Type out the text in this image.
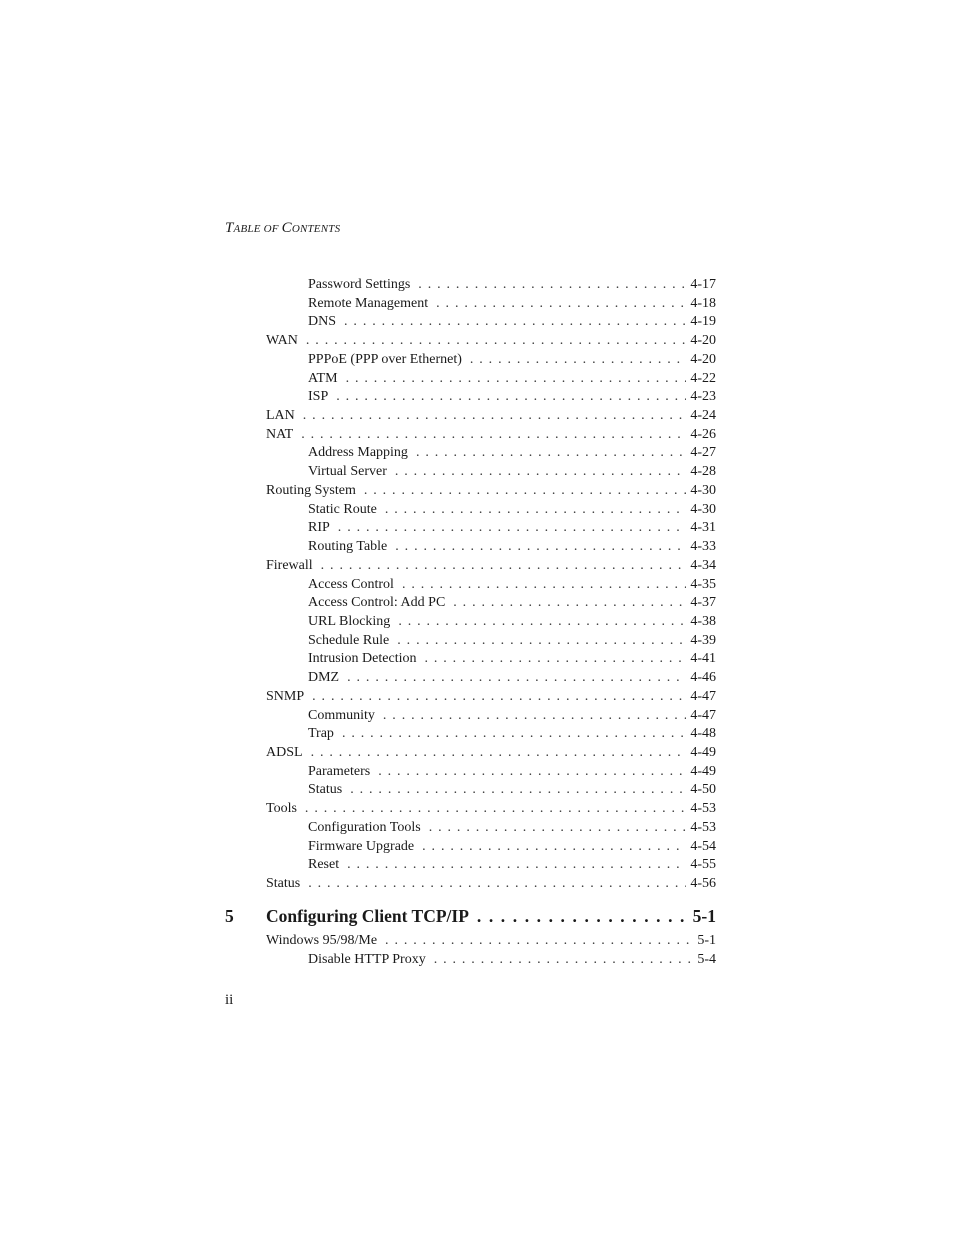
TABLE OF CONTENTS
Password Settings . . .	4-17
Remote Management . . .	4-18
DNS . . .	4-19
WAN . . .	4-20
PPPoE (PPP over Ethernet) . . .	4-20
ATM . . .	4-22
ISP . . .	4-23
LAN . . .	4-24
NAT . . .	4-26
Address Mapping . . .	4-27
Virtual Server . . .	4-28
Routing System . . .	4-30
Static Route . . .	4-30
RIP . . .	4-31
Routing Table . . .	4-33
Firewall . . .	4-34
Access Control . . .	4-35
Access Control: Add PC . . .	4-37
URL Blocking . . .	4-38
Schedule Rule . . .	4-39
Intrusion Detection . . .	4-41
DMZ . . .	4-46
SNMP . . .	4-47
Community . . .	4-47
Trap . . .	4-48
ADSL . . .	4-49
Parameters . . .	4-49
Status . . .	4-50
Tools . . .	4-53
Configuration Tools . . .	4-53
Firmware Upgrade . . .	4-54
Reset . . .	4-55
Status . . .	4-56
5	Configuring Client TCP/IP . . .	5-1
Windows 95/98/Me . . .	5-1
Disable HTTP Proxy . . .	5-4
ii
